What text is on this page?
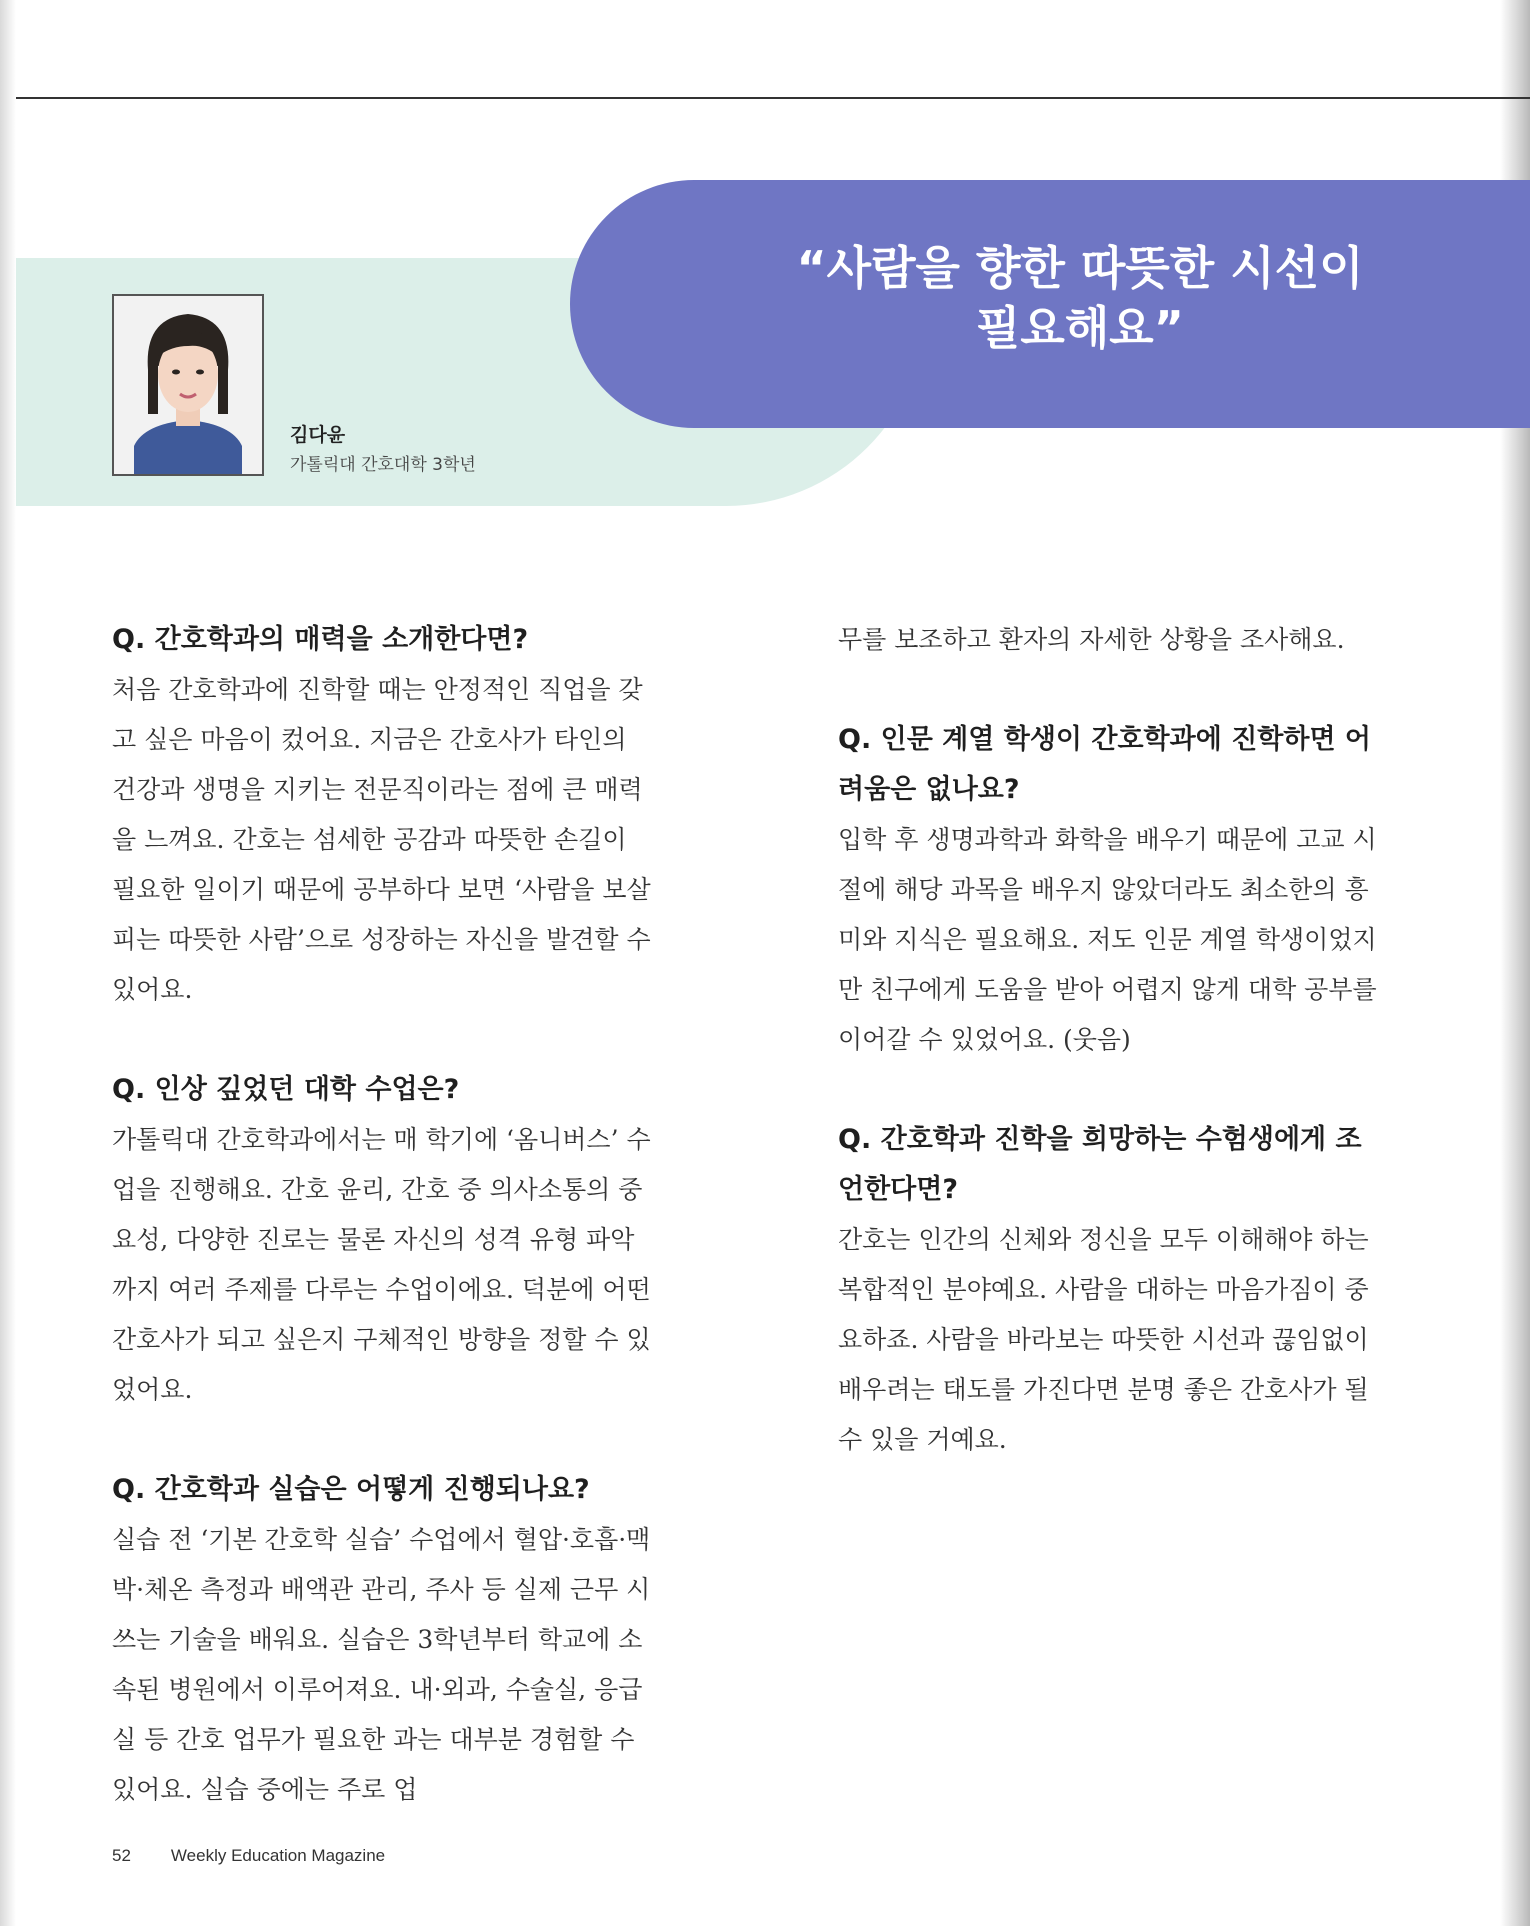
“사람을 향한 따뜻한 시선이
필요해요”
김다윤
가톨릭대 간호대학 3학년
Q. 간호학과의 매력을 소개한다면?

처음 간호학과에 진학할 때는 안정적인 직업을 갖고 싶은 마음이 컸어요. 지금은 간호사가 타인의 건강과 생명을 지키는 전문직이라는 점에 큰 매력을 느껴요. 간호는 섬세한 공감과 따뜻한 손길이 필요한 일이기 때문에 공부하다 보면 ‘사람을 보살피는 따뜻한 사람’으로 성장하는 자신을 발견할 수 있어요.

Q. 인상 깊었던 대학 수업은?

가톨릭대 간호학과에서는 매 학기에 ‘옴니버스’ 수업을 진행해요. 간호 윤리, 간호 중 의사소통의 중요성, 다양한 진로는 물론 자신의 성격 유형 파악까지 여러 주제를 다루는 수업이에요. 덕분에 어떤 간호사가 되고 싶은지 구체적인 방향을 정할 수 있었어요.

Q. 간호학과 실습은 어떻게 진행되나요?

실습 전 ‘기본 간호학 실습’ 수업에서 혈압·호흡·맥박·체온 측정과 배액관 관리, 주사 등 실제 근무 시 쓰는 기술을 배워요. 실습은 3학년부터 학교에 소속된 병원에서 이루어져요. 내·외과, 수술실, 응급실 등 간호 업무가 필요한 과는 대부분 경험할 수 있어요. 실습 중에는 주로 업

무를 보조하고 환자의 자세한 상황을 조사해요.

Q. 인문 계열 학생이 간호학과에 진학하면 어려움은 없나요?

입학 후 생명과학과 화학을 배우기 때문에 고교 시절에 해당 과목을 배우지 않았더라도 최소한의 흥미와 지식은 필요해요. 저도 인문 계열 학생이었지만 친구에게 도움을 받아 어렵지 않게 대학 공부를 이어갈 수 있었어요. (웃음)

Q. 간호학과 진학을 희망하는 수험생에게 조언한다면?

간호는 인간의 신체와 정신을 모두 이해해야 하는 복합적인 분야예요. 사람을 대하는 마음가짐이 중요하죠. 사람을 바라보는 따뜻한 시선과 끊임없이 배우려는 태도를 가진다면 분명 좋은 간호사가 될 수 있을 거예요.

52 Weekly Education Magazine
